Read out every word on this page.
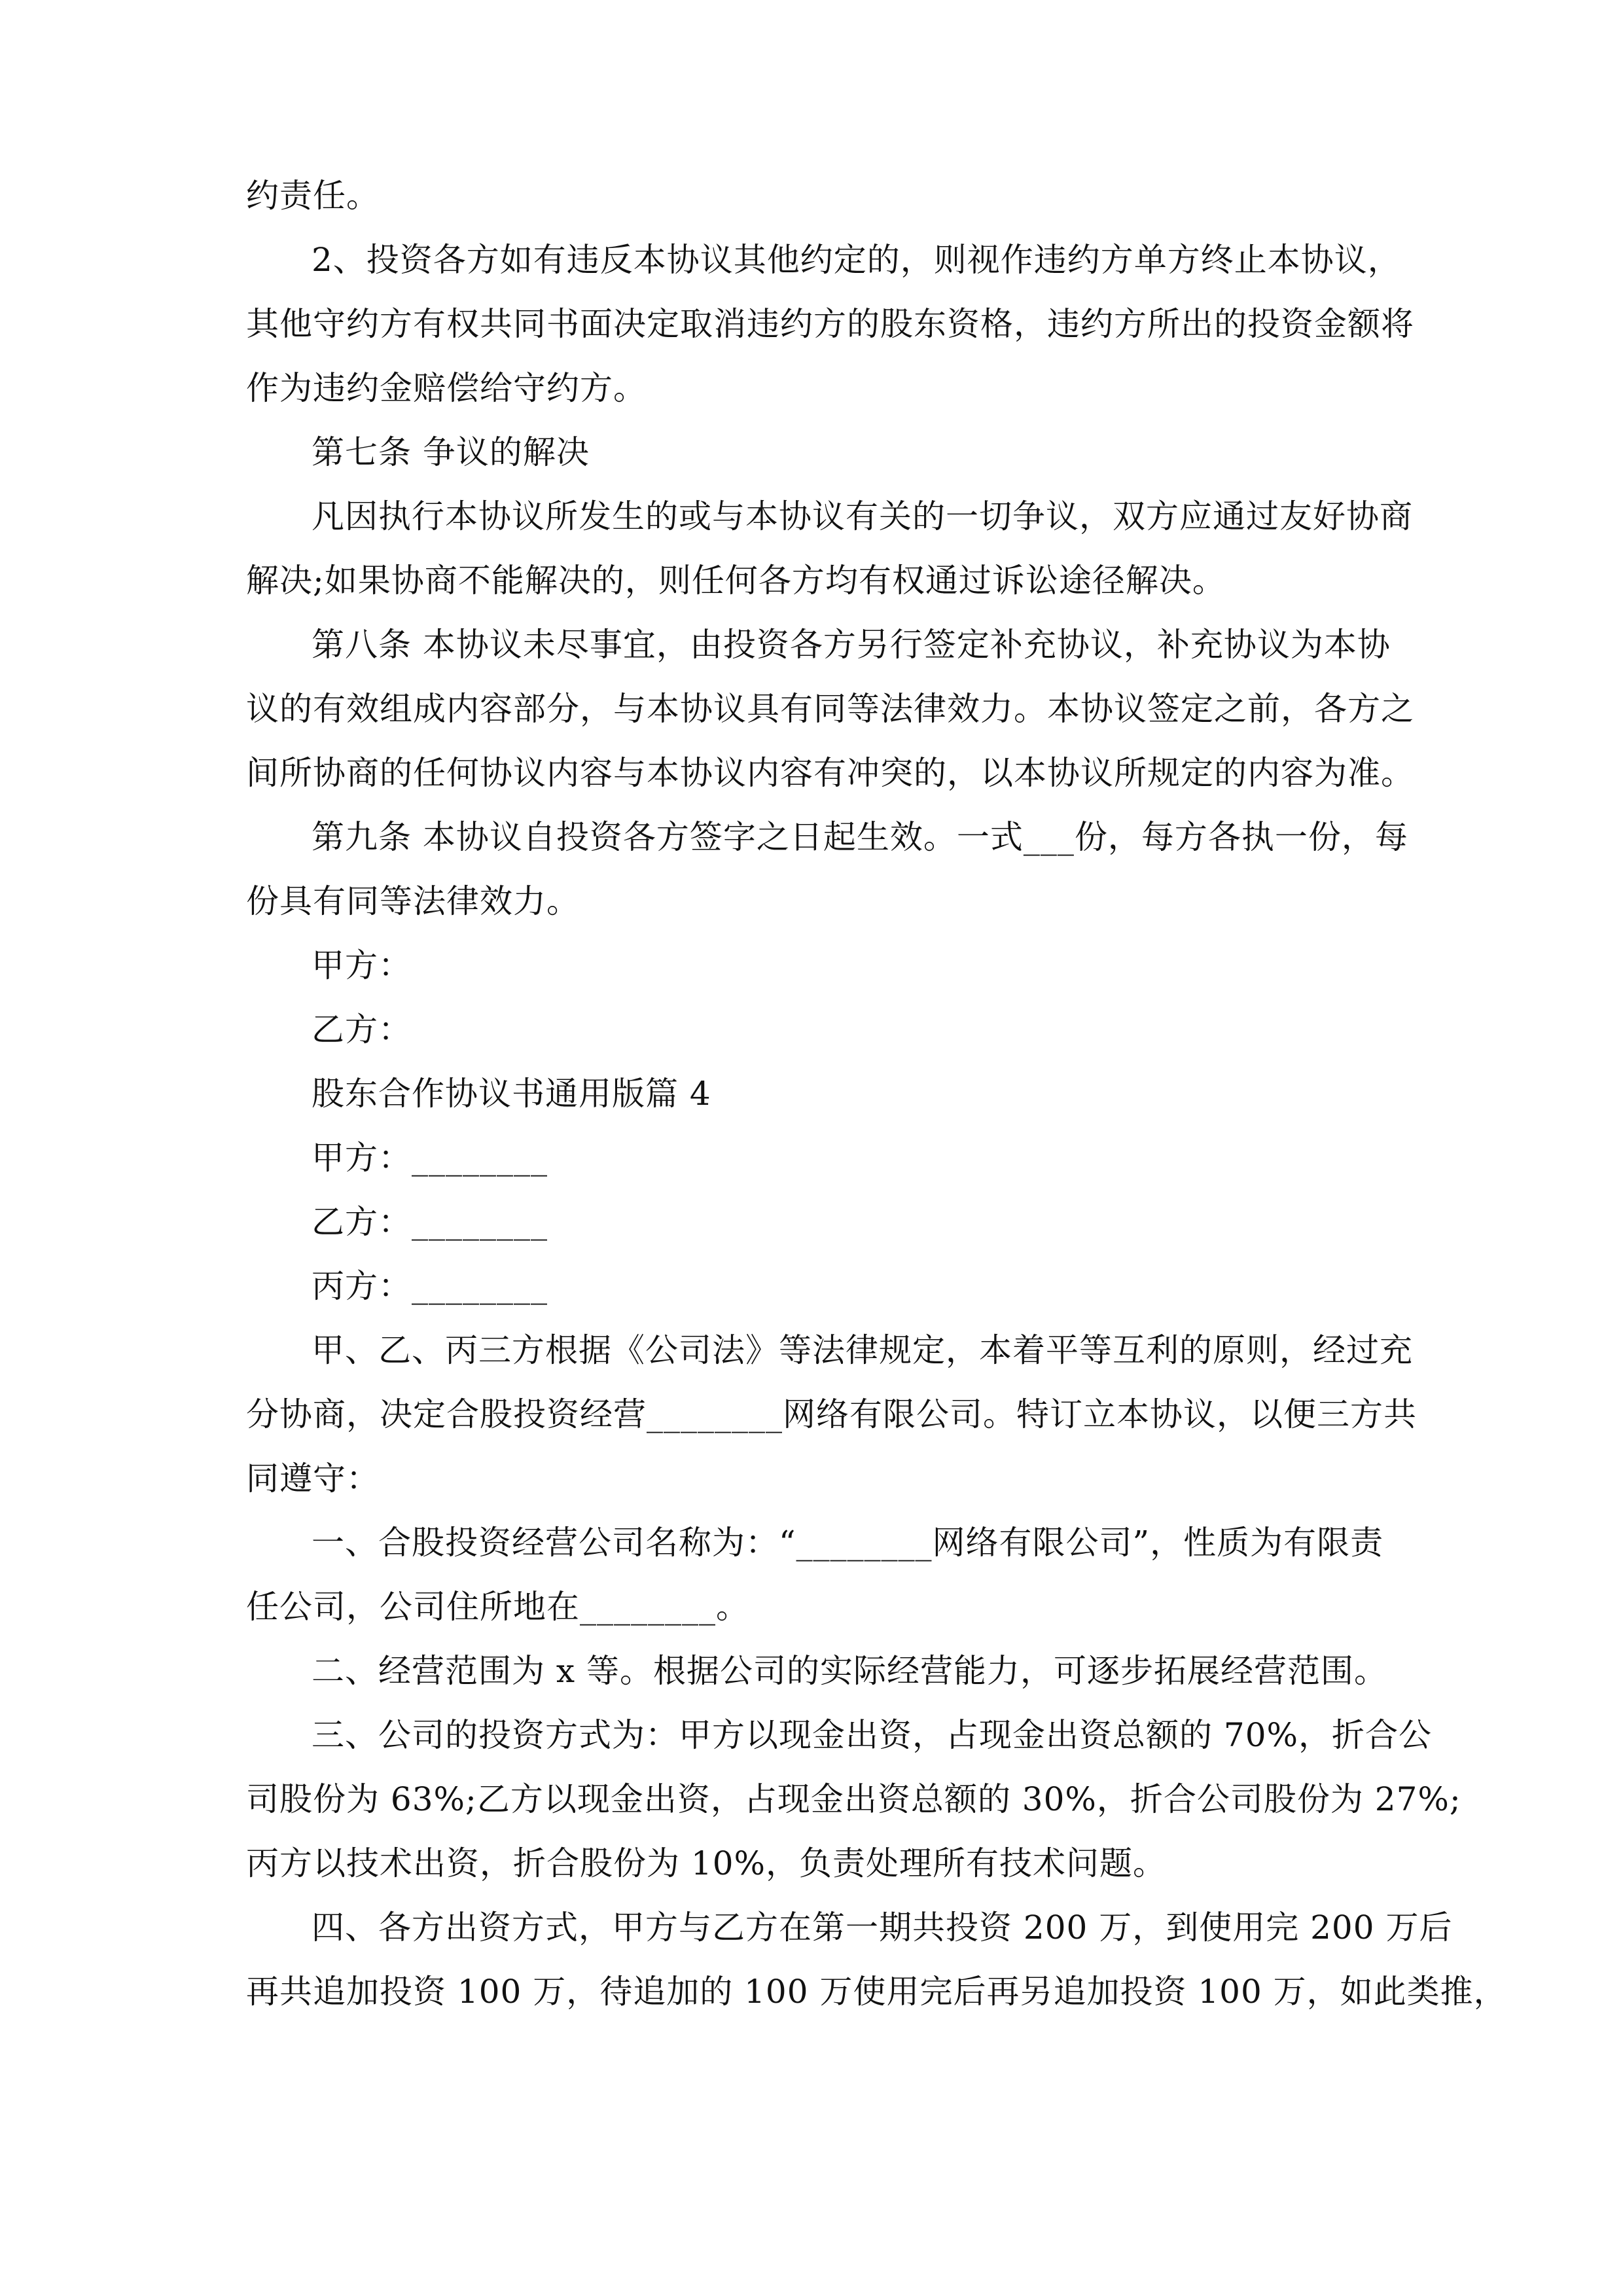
约责任。
2、投资各方如有违反本协议其他约定的，则视作违约方单方终止本协议，
其他守约方有权共同书面决定取消违约方的股东资格，违约方所出的投资金额将
作为违约金赔偿给守约方。
第七条 争议的解决
凡因执行本协议所发生的或与本协议有关的一切争议，双方应通过友好协商
解决;如果协商不能解决的，则任何各方均有权通过诉讼途径解决。
第八条 本协议未尽事宜，由投资各方另行签定补充协议，补充协议为本协
议的有效组成内容部分，与本协议具有同等法律效力。本协议签定之前，各方之
间所协商的任何协议内容与本协议内容有冲突的，以本协议所规定的内容为准。
第九条 本协议自投资各方签字之日起生效。一式___份，每方各执一份，每
份具有同等法律效力。
甲方：
乙方：
股东合作协议书通用版篇 4
甲方：________
乙方：________
丙方：________
甲、乙、丙三方根据《公司法》等法律规定，本着平等互利的原则，经过充
分协商，决定合股投资经营________网络有限公司。特订立本协议，以便三方共
同遵守：
一、合股投资经营公司名称为：“________网络有限公司”，性质为有限责
任公司，公司住所地在________。
二、经营范围为 x 等。根据公司的实际经营能力，可逐步拓展经营范围。
三、公司的投资方式为：甲方以现金出资，占现金出资总额的 70%，折合公
司股份为 63%;乙方以现金出资，占现金出资总额的 30%，折合公司股份为 27%;
丙方以技术出资，折合股份为 10%，负责处理所有技术问题。
四、各方出资方式，甲方与乙方在第一期共投资 200 万，到使用完 200 万后
再共追加投资 100 万，待追加的 100 万使用完后再另追加投资 100 万，如此类推，
